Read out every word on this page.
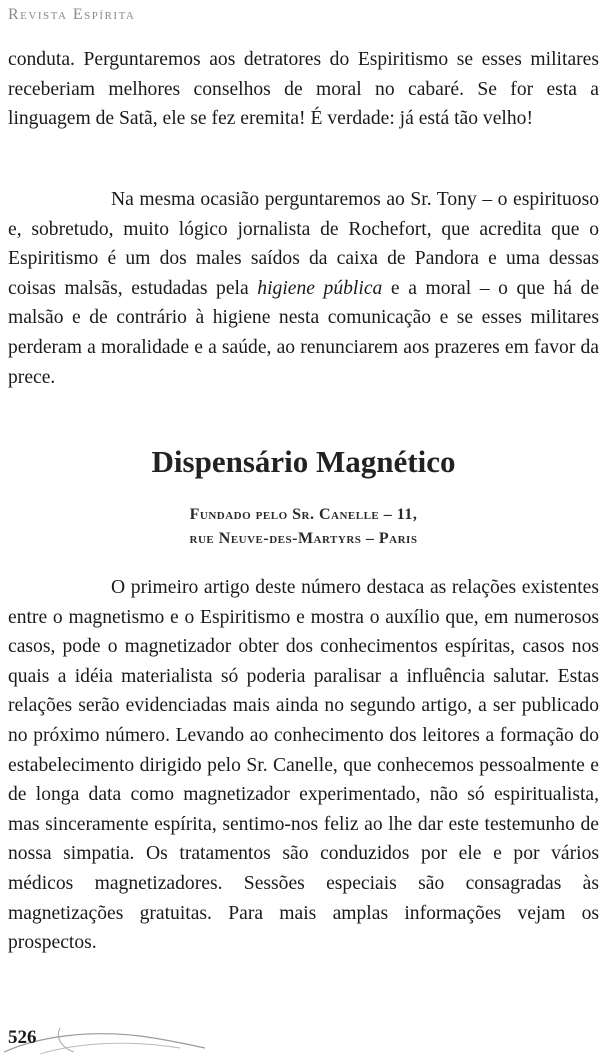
Revista Espírita
conduta. Perguntaremos aos detratores do Espiritismo se esses militares receberiam melhores conselhos de moral no cabaré. Se for esta a linguagem de Satã, ele se fez eremita! É verdade: já está tão velho!
Na mesma ocasião perguntaremos ao Sr. Tony – o espirituoso e, sobretudo, muito lógico jornalista de Rochefort, que acredita que o Espiritismo é um dos males saídos da caixa de Pandora e uma dessas coisas malsãs, estudadas pela higiene pública e a moral – o que há de malsão e de contrário à higiene nesta comunicação e se esses militares perderam a moralidade e a saúde, ao renunciarem aos prazeres em favor da prece.
Dispensário Magnético
Fundado pelo Sr. Canelle – 11,
rue Neuve-des-Martyrs – Paris
O primeiro artigo deste número destaca as relações existentes entre o magnetismo e o Espiritismo e mostra o auxílio que, em numerosos casos, pode o magnetizador obter dos conhecimentos espíritas, casos nos quais a idéia materialista só poderia paralisar a influência salutar. Estas relações serão evidenciadas mais ainda no segundo artigo, a ser publicado no próximo número. Levando ao conhecimento dos leitores a formação do estabelecimento dirigido pelo Sr. Canelle, que conhecemos pessoalmente e de longa data como magnetizador experimentado, não só espiritualista, mas sinceramente espírita, sentimo-nos feliz ao lhe dar este testemunho de nossa simpatia. Os tratamentos são conduzidos por ele e por vários médicos magnetizadores. Sessões especiais são consagradas às magnetizações gratuitas. Para mais amplas informações vejam os prospectos.
526
